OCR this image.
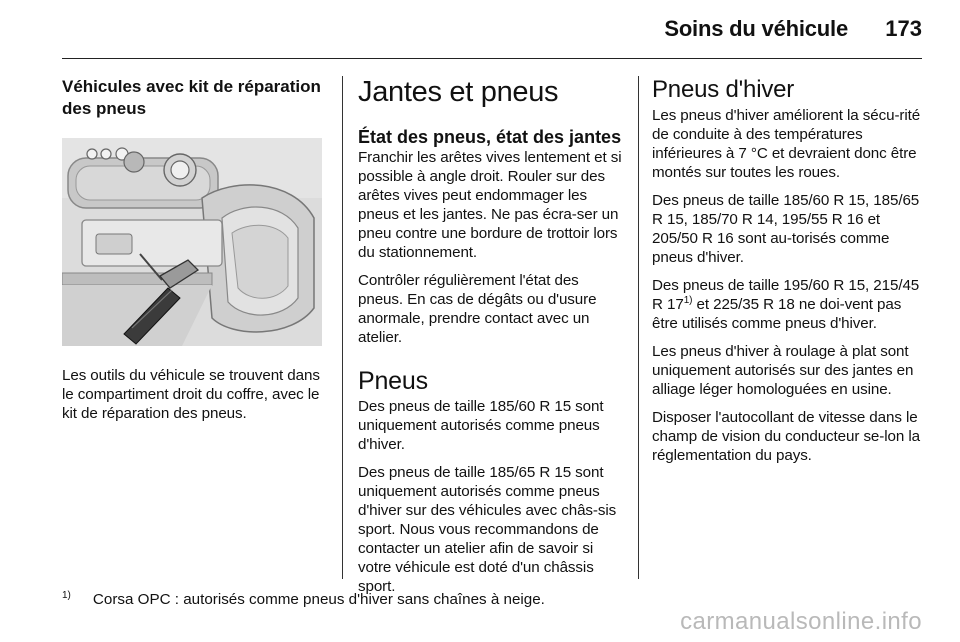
Soins du véhicule 173

Véhicules avec kit de réparation des pneus

Les outils du véhicule se trouvent dans le compartiment droit du coffre, avec le kit de réparation des pneus.

Jantes et pneus

État des pneus, état des jantes

Franchir les arêtes vives lentement et si possible à angle droit. Rouler sur des arêtes vives peut endommager les pneus et les jantes. Ne pas écra-ser un pneu contre une bordure de trottoir lors du stationnement.

Contrôler régulièrement l'état des pneus. En cas de dégâts ou d'usure anormale, prendre contact avec un atelier.

Pneus

Des pneus de taille 185/60 R 15 sont uniquement autorisés comme pneus d'hiver.

Des pneus de taille 185/65 R 15 sont uniquement autorisés comme pneus d'hiver sur des véhicules avec châs-sis sport. Nous vous recommandons de contacter un atelier afin de savoir si votre véhicule est doté d'un châssis sport.

Pneus d'hiver

Les pneus d'hiver améliorent la sécu-rité de conduite à des températures inférieures à 7 °C et devraient donc être montés sur toutes les roues.

Des pneus de taille 185/60 R 15, 185/65 R 15, 185/70 R 14, 195/55 R 16 et 205/50 R 16 sont au-torisés comme pneus d'hiver.

Des pneus de taille 195/60 R 15, 215/45 R 17$^{1)}$ et 225/35 R 18 ne doi-vent pas être utilisés comme pneus d'hiver.

Les pneus d'hiver à roulage à plat sont uniquement autorisés sur des jantes en alliage léger homologuées en usine.

Disposer l'autocollant de vitesse dans le champ de vision du conducteur se-lon la réglementation du pays.

$^{1)}$ Corsa OPC : autorisés comme pneus d'hiver sans chaînes à neige.
carmanualsonline.info
